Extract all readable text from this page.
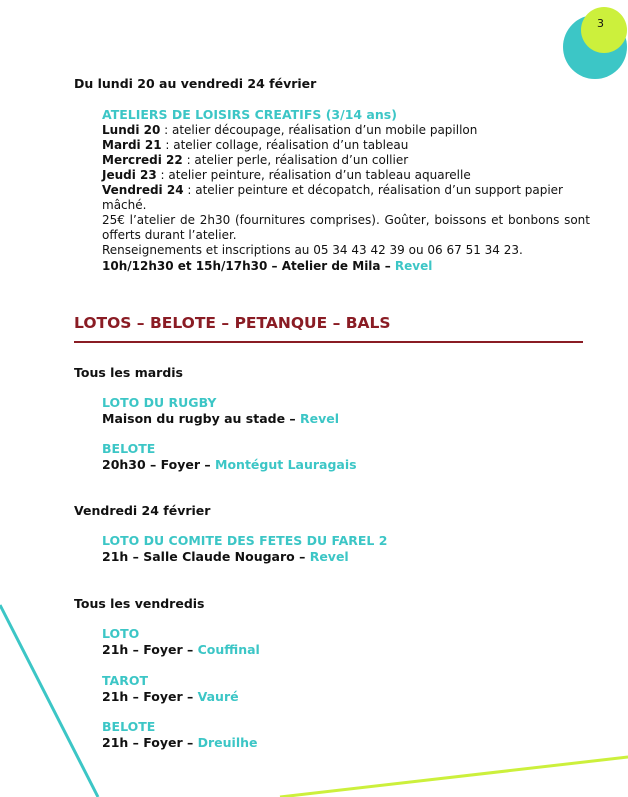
3
Du lundi 20 au vendredi 24 février
ATELIERS DE LOISIRS CREATIFS (3/14 ans)
Lundi 20 : atelier découpage, réalisation d’un mobile papillon
Mardi 21 : atelier collage, réalisation d’un tableau
Mercredi 22 : atelier perle, réalisation d’un collier
Jeudi 23 : atelier peinture, réalisation d’un tableau aquarelle
Vendredi 24 : atelier peinture et décopatch, réalisation d’un support papier mâché.
25€ l’atelier de 2h30 (fournitures comprises). Goûter, boissons et bonbons sont offerts durant l’atelier.
Renseignements et inscriptions au 05 34 43 42 39 ou 06 67 51 34 23.
10h/12h30 et 15h/17h30 – Atelier de Mila – Revel
LOTOS – BELOTE – PETANQUE – BALS
Tous les mardis
LOTO DU RUGBY
Maison du rugby au stade – Revel
BELOTE
20h30 – Foyer – Montégut Lauragais
Vendredi 24 février
LOTO DU COMITE DES FETES DU FAREL 2
21h – Salle Claude Nougaro – Revel
Tous les vendredis
LOTO
21h – Foyer – Couffinal
TAROT
21h – Foyer – Vauré
BELOTE
21h – Foyer – Dreuilhe
